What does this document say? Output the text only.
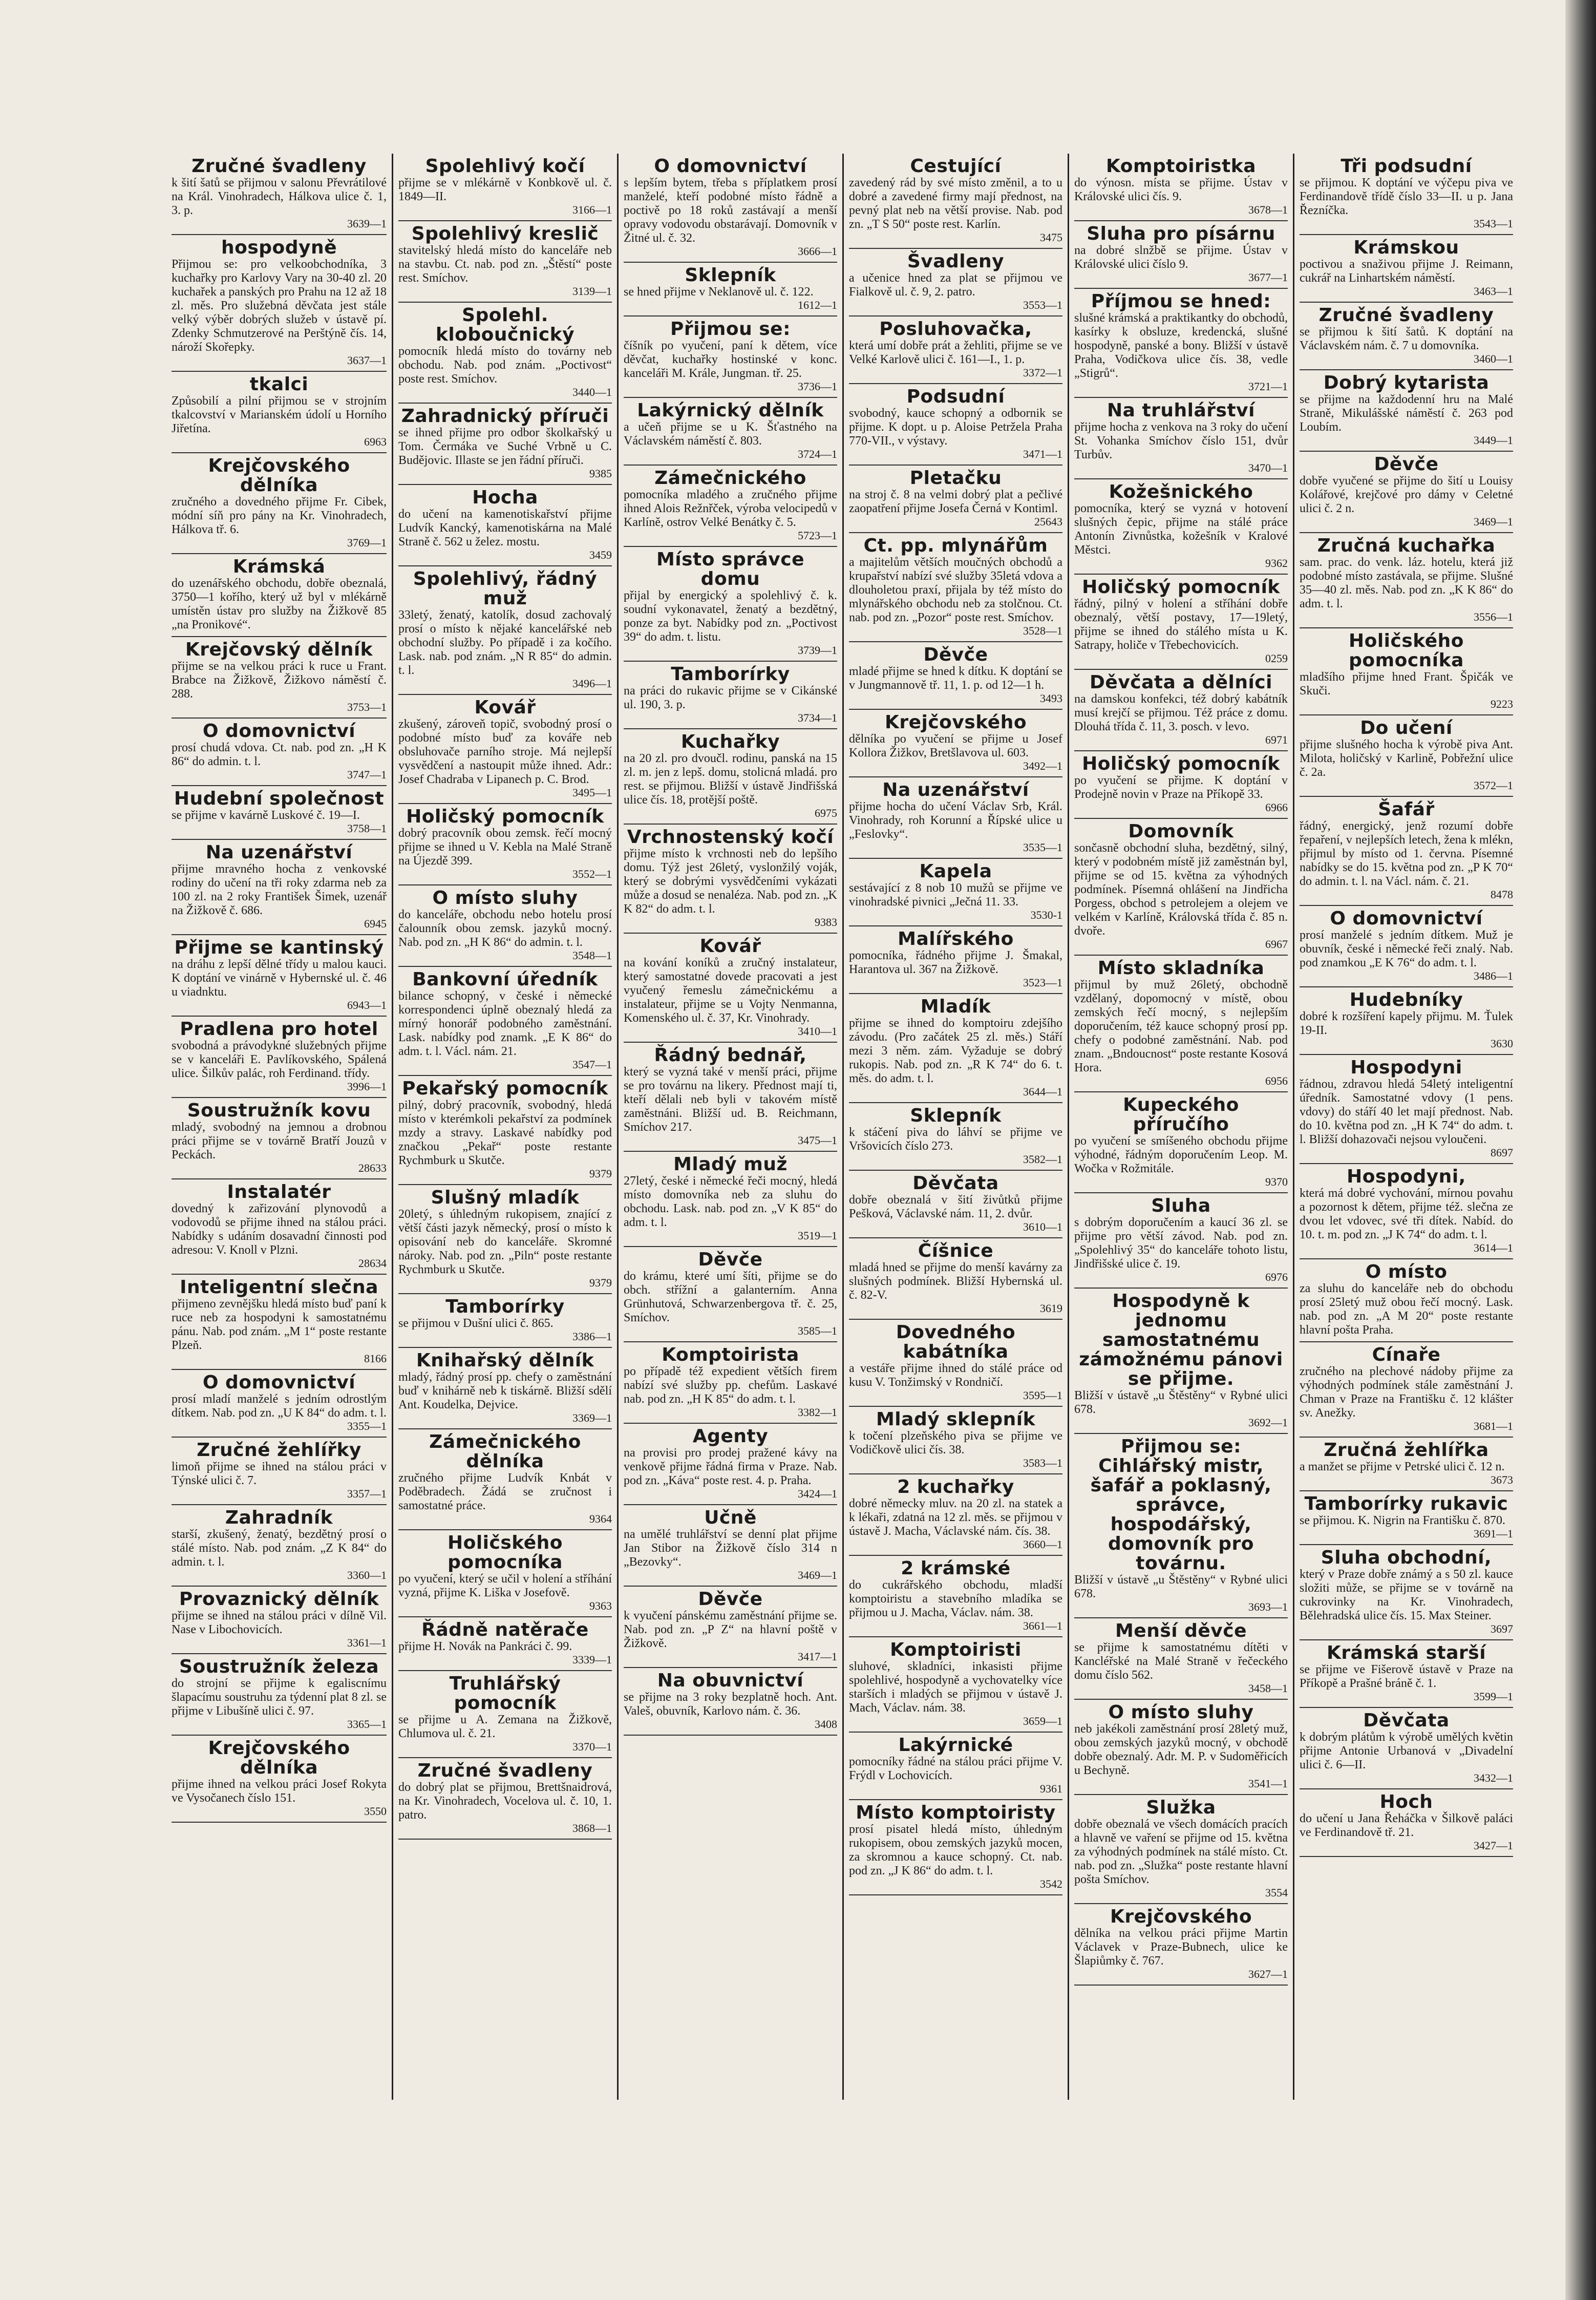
Zručné švadleny
k šití šatů se přijmou v salonu Převrátilové na Král. Vinohradech, Hálkova ulice č. 1, 3. p.
3639—1
hospodyně
Přijmou se: pro velkoobchodníka, 3 kuchařky pro Karlovy Vary na 30-40 zl. 20 kuchařek a panských pro Prahu na 12 až 18 zl. měs. Pro služebná děvčata jest stále velký výběr dobrých služeb v ústavě pí. Zdenky Schmutzerové na Perštýně čís. 14, nároží Skořepky.
3637—1
tkalci
Způsobilí a pilní přijmou se v strojním tkalcovství v Marianském údolí u Horního Jiřetína.
6963
Krejčovského dělníka
zručného a dovedného přijme Fr. Cibek, módní síň pro pány na Kr. Vinohradech, Hálkova tř. 6.
3769—1
Krámská
do uzenářského obchodu, dobře obeznalá, 3750—1 kořího, který už byl v mlékárně umístěn ústav pro služby na Žižkově 85 „na Pronikové“.
Krejčovský dělník
přijme se na velkou práci k ruce u Frant. Brabce na Žižkově, Žižkovo náměstí č. 288.
3753—1
O domovnictví
prosí chudá vdova. Ct. nab. pod zn. „H K 86“ do admin. t. l.
3747—1
Hudební společnost
se přijme v kavárně Luskové č. 19—I.
3758—1
Na uzenářství
přijme mravného hocha z venkovské rodiny do učení na tři roky zdarma neb za 100 zl. na 2 roky František Šimek, uzenář na Žižkově č. 686.
6945
Přijme se kantinský
na dráhu z lepší dělné třídy u malou kauci. K doptání ve vinárně v Hybernské ul. č. 46 u viadnktu.
6943—1
Pradlena pro hotel
svobodná a právodykné služebných přijme se v kanceláři E. Pavlíkovského, Spálená ulice. Šilkův palác, roh Ferdinand. třídy.
3996—1
Soustružník kovu
mladý, svobodný na jemnou a drobnou práci přijme se v továrně Bratří Jouzů v Peckách.
28633
Instalatér
dovedný k zařizování plynovodů a vodovodů se přijme ihned na stálou práci. Nabídky s udáním dosavadní činnosti pod adresou: V. Knoll v Plzni.
28634
Inteligentní slečna
přijmeno zevnějšku hledá místo buď paní k ruce neb za hospodyni k samostatnému pánu. Nab. pod znám. „M 1“ poste restante Plzeň.
8166
O domovnictví
prosí mladí manželé s jedním odrostlým dítkem. Nab. pod zn. „U K 84“ do adm. t. l.
3355—1
Zručné žehlířky
limoň přijme se ihned na stálou práci v Týnské ulici č. 7.
3357—1
Zahradník
starší, zkušený, ženatý, bezdětný prosí o stálé místo. Nab. pod znám. „Z K 84“ do admin. t. l.
3360—1
Provaznický dělník
přijme se ihned na stálou práci v dílně Vil. Nase v Libochovicích.
3361—1
Soustružník železa
do strojní se přijme k egaliscnímu šlapacímu soustruhu za týdenní plat 8 zl. se přijme v Libušíně ulici č. 97.
3365—1
Krejčovského dělníka
přijme ihned na velkou práci Josef Rokyta ve Vysočanech číslo 151.
3550
Spolehlivý kočí
přijme se v mlékárně v Konbkově ul. č. 1849—II.
3166—1
Spolehlivý kreslič
stavitelský hledá místo do kanceláře neb na stavbu. Ct. nab. pod zn. „Štěstí“ poste rest. Smíchov.
3139—1
Spolehl. kloboučnický
pomocník hledá místo do továrny neb obchodu. Nab. pod znám. „Poctivost“ poste rest. Smíchov.
3440—1
Zahradnický příruči
se ihned přijme pro odbor školkařský u Tom. Čermáka ve Suché Vrbně u C. Budějovic. Illaste se jen řádní příruči.
9385
Hocha
do učení na kamenotiskařství přijme Ludvík Kancký, kamenotiskárna na Malé Straně č. 562 u želez. mostu.
3459
Spolehlivý, řádný muž
33letý, ženatý, katolík, dosud zachovalý prosí o místo k nějaké kancelářské neb obchodní služby. Po případě i za kočího. Lask. nab. pod znám. „N R 85“ do admin. t. l.
3496—1
Kovář
zkušený, zároveň topič, svobodný prosí o podobné místo buď za kováře neb obsluhovače parního stroje. Má nejlepší vysvědčení a nastoupit může ihned. Adr.: Josef Chadraba v Lipanech p. C. Brod.
3495—1
Holičský pomocník
dobrý pracovník obou zemsk. řečí mocný přijme se ihned u V. Kebla na Malé Straně na Újezdě 399.
3552—1
O místo sluhy
do kanceláře, obchodu nebo hotelu prosí čalounník obou zemsk. jazyků mocný. Nab. pod zn. „H K 86“ do admin. t. l.
3548—1
Bankovní úředník
bilance schopný, v české i německé korrespondenci úplně obeznalý hledá za mírný honorář podobného zaměstnání. Lask. nabídky pod znamk. „E K 86“ do adm. t. l. Václ. nám. 21.
3547—1
Pekařský pomocník
pilný, dobrý pracovník, svobodný, hledá místo v kterémkoli pekařství za podmínek mzdy a stravy. Laskavé nabídky pod značkou „Pekař“ poste restante Rychmburk u Skutče.
9379
Slušný mladík
20letý, s úhledným rukopisem, znající z větší části jazyk německý, prosí o místo k opisování neb do kanceláře. Skromné nároky. Nab. pod zn. „Piln“ poste restante Rychmburk u Skutče.
9379
Tamborírky
se přijmou v Dušní ulici č. 865.
3386—1
Knihařský dělník
mladý, řádný prosí pp. chefy o zaměstnání buď v knihárně neb k tiskárně. Bližší sdělí Ant. Koudelka, Dejvice.
3369—1
Zámečnického dělníka
zručného přijme Ludvík Knbát v Poděbradech. Žádá se zručnost i samostatné práce.
9364
Holičského pomocníka
po vyučení, který se učil v holení a stříhání vyzná, přijme K. Liška v Josefově.
9363
Řádně natěrače
přijme H. Novák na Pankráci č. 99.
3339—1
Truhlářský pomocník
se přijme u A. Zemana na Žižkově, Chlumova ul. č. 21.
3370—1
Zručné švadleny
do dobrý plat se přijmou, Brettšnaidrová, na Kr. Vinohradech, Vocelova ul. č. 10, 1. patro.
3868—1
O domovnictví
s lepším bytem, třeba s příplatkem prosí manželé, kteří podobné místo řádně a poctivě po 18 roků zastávají a menší opravy vodovodu obstarávají. Domovník v Žitné ul. č. 32.
3666—1
Sklepník
se hned přijme v Neklanově ul. č. 122.
1612—1
Přijmou se:
číšník po vyučení, paní k dětem, více děvčat, kuchařky hostinské v konc. kanceláři M. Krále, Jungman. tř. 25.
3736—1
Lakýrnický dělník
a učeň přijme se u K. Šťastného na Václavském náměstí č. 803.
3724—1
Zámečnického
pomocníka mladého a zručného přijme ihned Alois Režnřček, výroba velocipedů v Karlíně, ostrov Velké Benátky č. 5.
5723—1
Místo správce domu
přijal by energický a spolehlivý č. k. soudní vykonavatel, ženatý a bezdětný, ponze za byt. Nabídky pod zn. „Poctivost 39“ do adm. t. listu.
3739—1
Tamborírky
na práci do rukavic přijme se v Cikánské ul. 190, 3. p.
3734—1
Kuchařky
na 20 zl. pro dvoučl. rodinu, panská na 15 zl. m. jen z lepš. domu, stolicná mladá. pro rest. se přijmou. Bližší v ústavě Jindřišská ulice čís. 18, protější poště.
6975
Vrchnostenský kočí
přijme místo k vrchnosti neb do lepšího domu. Týž jest 26letý, vyslonžilý voják, který se dobrými vysvědčeními vykázati může a dosud se nenaléza. Nab. pod zn. „K K 82“ do adm. t. l.
9383
Kovář
na kování koníků a zručný instalateur, který samostatné dovede pracovati a jest vyučený řemeslu zámečnickému a instalateur, přijme se u Vojty Nenmanna, Komenského ul. č. 37, Kr. Vinohrady.
3410—1
Řádný bednář,
který se vyzná také v menší práci, přijme se pro továrnu na likery. Přednost mají ti, kteří dělali neb byli v takovém místě zaměstnáni. Bližší ud. B. Reichmann, Smíchov 217.
3475—1
Mladý muž
27letý, české i německé řeči mocný, hledá místo domovníka neb za sluhu do obchodu. Lask. nab. pod zn. „V K 85“ do adm. t. l.
3519—1
Děvče
do krámu, které umí šíti, přijme se do obch. střížní a galanterním. Anna Grünhutová, Schwarzenbergova tř. č. 25, Smíchov.
3585—1
Komptoirista
po případě též expedient větších firem nabízí své služby pp. chefům. Laskavé nab. pod zn. „H K 85“ do adm. t. l.
3382—1
Agenty
na provisi pro prodej pražené kávy na venkově přijme řádná firma v Praze. Nab. pod zn. „Káva“ poste rest. 4. p. Praha.
3424—1
Učně
na umělé truhlářství se denní plat přijme Jan Stibor na Žižkově číslo 314 n „Bezovky“.
3469—1
Děvče
k vyučení pánskému zaměstnání přijme se. Nab. pod zn. „P Z“ na hlavní poště v Žižkově.
3417—1
Na obuvnictví
se přijme na 3 roky bezplatně hoch. Ant. Valeš, obuvník, Karlovo nám. č. 36.
3408
Cestující
zavedený rád by své místo změnil, a to u dobré a zavedené firmy mají přednost, na pevný plat neb na větší provise. Nab. pod zn. „T S 50“ poste rest. Karlín.
3475
Švadleny
a učenice hned za plat se přijmou ve Fialkově ul. č. 9, 2. patro.
3553—1
Posluhovačka,
která umí dobře prát a žehliti, přijme se ve Velké Karlově ulici č. 161—I., 1. p.
3372—1
Podsudní
svobodný, kauce schopný a odbornik se přijme. K dopt. u p. Aloise Petržela Praha 770-VII., v výstavy.
3471—1
Pletačku
na stroj č. 8 na velmi dobrý plat a pečlivé zaopatření přijme Josefa Černá v Kontiml.
25643
Ct. pp. mlynářům
a majitelům větších moučných obchodů a krupařství nabízí své služby 35letá vdova a dlouholetou praxí, přijala by též místo do mlynářského obchodu neb za stolčnou. Ct. nab. pod zn. „Pozor“ poste rest. Smíchov.
3528—1
Děvče
mladé přijme se hned k dítku. K doptání se v Jungmannově tř. 11, 1. p. od 12—1 h.
3493
Krejčovského
dělníka po vyučení se přijme u Josef Kollora Žižkov, Bretšlavova ul. 603.
3492—1
Na uzenářství
přijme hocha do učení Václav Srb, Král. Vinohrady, roh Korunní a Řípské ulice u „Feslovky“.
3535—1
Kapela
sestávající z 8 nob 10 mužů se přijme ve vinohradské pivnici „Ječná 11. 33.
3530-1
Malířského
pomocníka, řádného přijme J. Šmakal, Harantova ul. 367 na Žižkově.
3523—1
Mladík
přijme se ihned do komptoiru zdejšího závodu. (Pro začátek 25 zl. měs.) Stáří mezi 3 něm. zám. Vyžaduje se dobrý rukopis. Nab. pod zn. „R K 74“ do 6. t. měs. do adm. t. l.
3644—1
Sklepník
k stáčení piva do láhví se přijme ve Vršovicích číslo 273.
3582—1
Děvčata
dobře obeznalá v šití živůtků přijme Pešková, Václavské nám. 11, 2. dvůr.
3610—1
Číšnice
mladá hned se přijme do menší kavárny za slušných podmínek. Bližší Hybernská ul. č. 82-V.
3619
Dovedného kabátníka
a vestáře přijme ihned do stálé práce od kusu V. Tonžimský v Rondničí.
3595—1
Mladý sklepník
k točení plzeňského piva se přijme ve Vodičkově ulici čís. 38.
3583—1
2 kuchařky
dobré německy mluv. na 20 zl. na statek a k lékaři, zdatná na 12 zl. měs. se přijmou v ústavě J. Macha, Václavské nám. čís. 38.
3660—1
2 krámské
do cukrářského obchodu, mladší komptoiristu a stavebního mladíka se přijmou u J. Macha, Václav. nám. 38.
3661—1
Komptoiristi
sluhové, skladníci, inkasisti přijme spolehlivé, hospodyně a vychovatelky více starších i mladých se přijmou v ústavě J. Mach, Václav. nám. 38.
3659—1
Lakýrnické
pomocníky řádné na stálou práci přijme V. Frýdl v Lochovicích.
9361
Místo komptoiristy
prosí pisatel hledá místo, úhledným rukopisem, obou zemských jazyků mocen, za skromnou a kauce schopný. Ct. nab. pod zn. „J K 86“ do adm. t. l.
3542
Komptoiristka
do výnosn. místa se přijme. Ústav v Královské ulici čís. 9.
3678—1
Sluha pro písárnu
na dobré slnžbě se přijme. Ústav v Královské ulici číslo 9.
3677—1
Příjmou se hned:
slušné krámská a praktikantky do obchodů, kasírky k obsluze, kredencká, slušné hospodyně, panské a bony. Bližší v ústavě Praha, Vodičkova ulice čís. 38, vedle „Stigrů“.
3721—1
Na truhlářství
přijme hocha z venkova na 3 roky do učení St. Vohanka Smíchov číslo 151, dvůr Turbův.
3470—1
Kožešnického
pomocníka, který se vyzná v hotovení slušných čepic, přijme na stálé práce Antonín Zivnůstka, kožešník v Kralové Městci.
9362
Holičský pomocník
řádný, pilný v holení a stříhání dobře obeznalý, větší postavy, 17—19letý, přijme se ihned do stálého místa u K. Satrapy, holiče v Třebechovicích.
0259
Děvčata a dělníci
na damskou konfekci, též dobrý kabátník musí krejčí se přijmou. Též práce z domu. Dlouhá třída č. 11, 3. posch. v levo.
6971
Holičský pomocník
po vyučení se přijme. K doptání v Prodejně novin v Praze na Příkopě 33.
6966
Domovník
sončasně obchodní sluha, bezdětný, silný, který v podobném místě již zaměstnán byl, přijme se od 15. května za výhodných podmínek. Písemná ohlášení na Jindřicha Porgess, obchod s petrolejem a olejem ve velkém v Karlíně, Královská třída č. 85 n. dvoře.
6967
Místo skladníka
přijmul by muž 26letý, obchodně vzdělaný, dopomocný v místě, obou zemských řečí mocný, s nejlepším doporučením, též kauce schopný prosí pp. chefy o podobné zaměstnání. Nab. pod znam. „Bndoucnost“ poste restante Kosová Hora.
6956
Kupeckého příručího
po vyučení se smíšeného obchodu přijme výhodné, řádným doporučením Leop. M. Wočka v Rožmitále.
9370
Sluha
s dobrým doporučením a kaucí 36 zl. se přijme pro větší závod. Nab. pod zn. „Spolehlivý 35“ do kanceláře tohoto listu, Jindřišské ulice č. 19.
6976
Hospodyně k jednomu samostatnému zámožnému pánovi se přijme.
Bližší v ústavě „u Štěstěny“ v Rybné ulici 678.
3692—1
Přijmou se: Cihlářský mistr, šafář a poklasný, správce, hospodářský, domovník pro továrnu.
Bližší v ústavě „u Štěstěny“ v Rybné ulici 678.
3693—1
Menší děvče
se přijme k samostatnému dítěti v Kancléřské na Malé Straně v řečeckého domu číslo 562.
3458—1
O místo sluhy
neb jakékoli zaměstnání prosí 28letý muž, obou zemských jazyků mocný, v obchodě dobře obeznalý. Adr. M. P. v Sudoměřicích u Bechyně.
3541—1
Služka
dobře obeznalá ve všech domácích pracích a hlavně ve vaření se přijme od 15. května za výhodných podmínek na stálé místo. Ct. nab. pod zn. „Služka“ poste restante hlavní pošta Smíchov.
3554
Krejčovského
dělníka na velkou práci přijme Martin Václavek v Praze-Bubnech, ulice ke Šlapiůmky č. 767.
3627—1
Tři podsudní
se přijmou. K doptání ve výčepu piva ve Ferdinandově třídě číslo 33—II. u p. Jana Řezníčka.
3543—1
Krámskou
poctivou a snaživou přijme J. Reimann, cukrář na Linhartském náměstí.
3463—1
Zručné švadleny
se přijmou k šití šatů. K doptání na Václavském nám. č. 7 u domovníka.
3460—1
Dobrý kytarista
se přijme na každodenní hru na Malé Straně, Mikulášské náměstí č. 263 pod Loubím.
3449—1
Děvče
dobře vyučené se přijme do šití u Louisy Kolářové, krejčové pro dámy v Celetné ulici č. 2 n.
3469—1
Zručná kuchařka
sam. prac. do venk. láz. hotelu, která již podobné místo zastávala, se přijme. Slušné 35—40 zl. měs. Nab. pod zn. „K K 86“ do adm. t. l.
3556—1
Holičského pomocníka
mladšího přijme hned Frant. Špičák ve Skuči.
9223
Do učení
přijme slušného hocha k výrobě piva Ant. Milota, holičský v Karlině, Pobřežní ulice č. 2a.
3572—1
Šafář
řádný, energický, jenž rozumí dobře řepaření, v nejlepších letech, žena k mlékn, přijmul by místo od 1. června. Písemné nabídky se do 15. května pod zn. „P K 70“ do admin. t. l. na Václ. nám. č. 21.
8478
O domovnictví
prosí manželé s jedním dítkem. Muž je obuvník, české i německé řeči znalý. Nab. pod znamkou „E K 76“ do adm. t. l.
3486—1
Hudebníky
dobré k rozšíření kapely přijmu. M. Ťulek 19-II.
3630
Hospodyni
řádnou, zdravou hledá 54letý inteligentní úředník. Samostatné vdovy (1 pens. vdovy) do stáří 40 let mají přednost. Nab. do 10. května pod zn. „H K 74“ do adm. t. l. Bližší dohazovači nejsou vyloučeni.
8697
Hospodyni,
která má dobré vychování, mírnou povahu a pozornost k dětem, přijme též. slečna ze dvou let vdovec, své tři dítek. Nabíd. do 10. t. m. pod zn. „J K 74“ do adm. t. l.
3614—1
O místo
za sluhu do kanceláře neb do obchodu prosí 25letý muž obou řečí mocný. Lask. nab. pod zn. „A M 20“ poste restante hlavní pošta Praha.
Cínaře
zručného na plechové nádoby přijme za výhodných podmínek stále zaměstnání J. Chman v Praze na Františku č. 12 klášter sv. Anežky.
3681—1
Zručná žehlířka
a manžet se přijme v Petrské ulici č. 12 n.
3673
Tamborírky rukavic
se přijmou. K. Nigrin na Františku č. 870.
3691—1
Sluha obchodní,
který v Praze dobře známý a s 50 zl. kauce složiti může, se přijme se v továrně na cukrovinky na Kr. Vinohradech, Bělehradská ulice čís. 15. Max Steiner.
3697
Krámská starší
se přijme ve Fišerově ústavě v Praze na Příkopě a Prašné bráně č. 1.
3599—1
Děvčata
k dobrým plátům k výrobě umělých květin přijme Antonie Urbanová v „Divadelní ulici č. 6—II.
3432—1
Hoch
do učení u Jana Řeháčka v Šilkově paláci ve Ferdinandově tř. 21.
3427—1
